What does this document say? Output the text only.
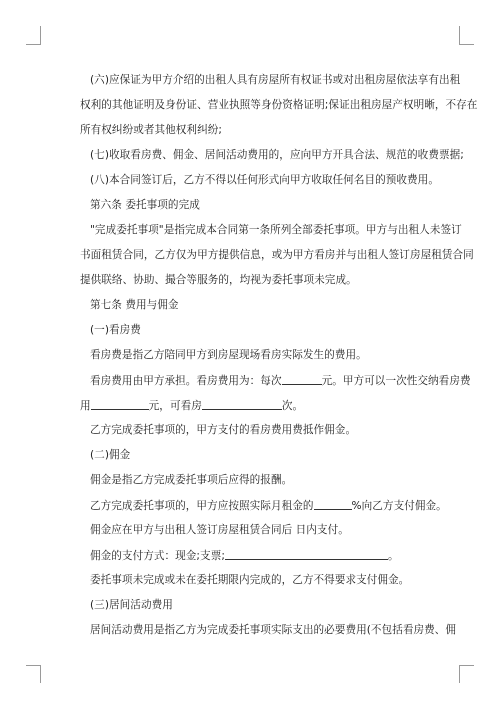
(六)应保证为甲方介绍的出租人具有房屋所有权证书或对出租房屋依法享有出租
权利的其他证明及身份证、营业执照等身份资格证明;保证出租房屋产权明晰，不存在
所有权纠纷或者其他权利纠纷;
(七)收取看房费、佣金、居间活动费用的，应向甲方开具合法、规范的收费票据;
(八)本合同签订后，乙方不得以任何形式向甲方收取任何名目的预收费用。
第六条 委托事项的完成
"完成委托事项"是指完成本合同第一条所列全部委托事项。甲方与出租人未签订
书面租赁合同，乙方仅为甲方提供信息，或为甲方看房并与出租人签订房屋租赁合同
提供联络、协助、撮合等服务的，均视为委托事项未完成。
第七条 费用与佣金
(一)看房费
看房费是指乙方陪同甲方到房屋现场看房实际发生的费用。
看房费用由甲方承担。看房费用为：每次	元。甲方可以一次性交纳看房费
用	元，可看房	次。
乙方完成委托事项的，甲方支付的看房费用费抵作佣金。
(二)佣金
佣金是指乙方完成委托事项后应得的报酬。
乙方完成委托事项的，甲方应按照实际月租金的	%向乙方支付佣金。
佣金应在甲方与出租人签订房屋租赁合同后 日内支付。
佣金的支付方式：现金;支票;	。
委托事项未完成或未在委托期限内完成的，乙方不得要求支付佣金。
(三)居间活动费用
居间活动费用是指乙方为完成委托事项实际支出的必要费用(不包括看房费、佣
